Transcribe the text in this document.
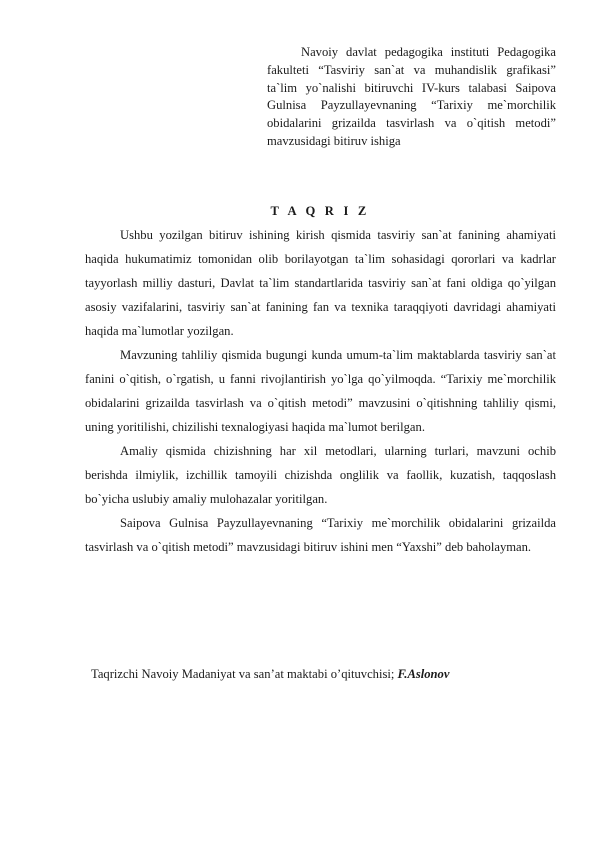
Navoiy davlat pedagogika instituti Pedagogika fakulteti “Tasviriy san`at va muhandislik grafikasi” ta`lim yo`nalishi bitiruvchi IV-kurs talabasi Saipova Gulnisa Payzullayevnaning “Tarixiy me`morchilik obidalarini grizailda tasvirlash va o`qitish metodi” mavzusidagi bitiruv ishiga
T A Q R I Z

Ushbu yozilgan bitiruv ishining kirish qismida tasviriy san`at fanining ahamiyati haqida hukumatimiz tomonidan olib borilayotgan ta`lim sohasidagi qororlari va kadrlar tayyorlash milliy dasturi, Davlat ta`lim standartlarida tasviriy san`at fani oldiga qo`yilgan asosiy vazifalarini, tasviriy san`at fanining fan va texnika taraqqiyoti davridagi ahamiyati haqida ma`lumotlar yozilgan.

Mavzuning tahliliy qismida bugungi kunda umum-ta`lim maktablarda tasviriy san`at fanini o`qitish, o`rgatish, u fanni rivojlantirish yo`lga qo`yilmoqda. “Tarixiy me`morchilik obidalarini grizailda tasvirlash va o`qitish metodi” mavzusini o`qitishning tahliliy qismi, uning yoritilishi, chizilishi texnalogiyasi haqida ma`lumot berilgan.

Amaliy qismida chizishning har xil metodlari, ularning turlari, mavzuni ochib berishda ilmiylik, izchillik tamoyili chizishda onglilik va faollik, kuzatish, taqqoslash bo`yicha uslubiy amaliy mulohazalar yoritilgan.

Saipova Gulnisa Payzullayevnaning “Tarixiy me`morchilik obidalarini grizailda tasvirlash va o`qitish metodi” mavzusidagi bitiruv ishini men “Yaxshi” deb baholayman.

Taqrizchi Navoiy Madaniyat va san’at maktabi o’qituvchisi; F.Aslonov
